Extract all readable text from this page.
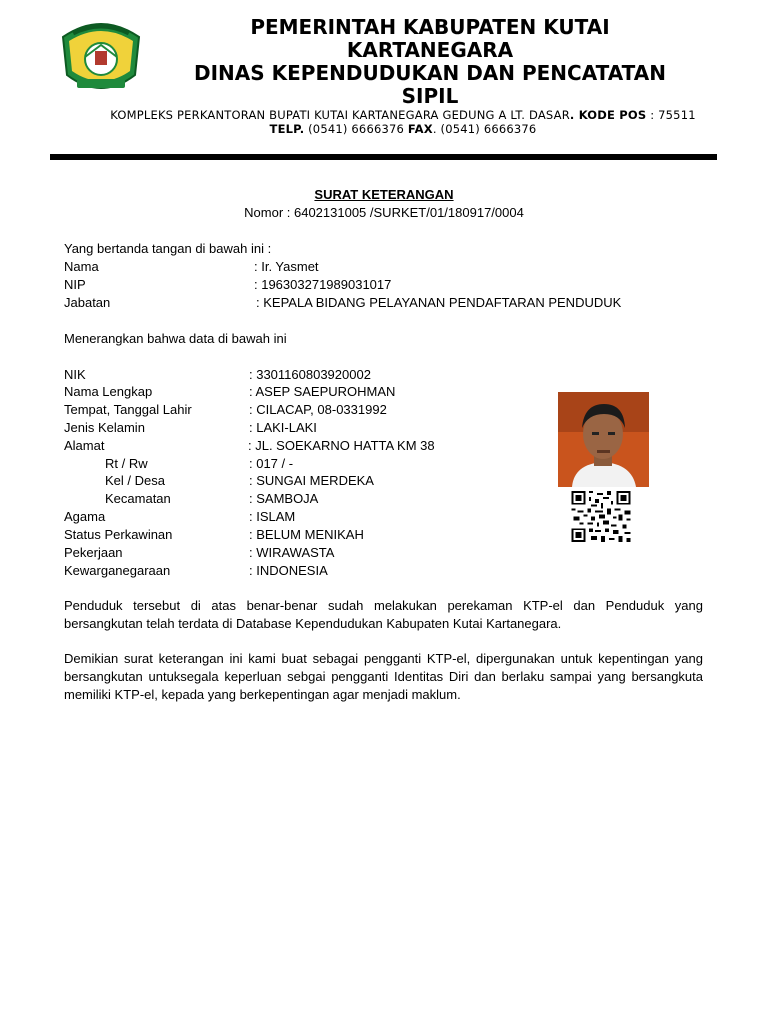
PEMERINTAH KABUPATEN KUTAI KARTANEGARA
DINAS KEPENDUDUKAN DAN PENCATATAN SIPIL
KOMPLEKS PERKANTORAN BUPATI KUTAI KARTANEGARA GEDUNG A LT. DASAR. KODE POS : 75511
TELP. (0541) 6666376 FAX. (0541) 6666376
SURAT KETERANGAN
Nomor : 6402131005 /SURKET/01/180917/0004
Yang bertanda tangan di bawah ini :
Nama	: Ir. Yasmet
NIP	: 196303271989031017
Jabatan	: KEPALA BIDANG PELAYANAN PENDAFTARAN PENDUDUK
Menerangkan bahwa data di bawah ini
NIK	: 3301160803920002
Nama Lengkap	: ASEP SAEPUROHMAN
Tempat, Tanggal Lahir	: CILACAP, 08-0331992
Jenis Kelamin	: LAKI-LAKI
Alamat	: JL. SOEKARNO HATTA KM 38
Rt / Rw	: 017 / -
Kel / Desa	: SUNGAI MERDEKA
Kecamatan	: SAMBOJA
Agama	: ISLAM
Status Perkawinan	: BELUM MENIKAH
Pekerjaan	: WIRAWASTA
Kewarganegaraan	: INDONESIA
Penduduk tersebut di atas benar-benar sudah melakukan perekaman KTP-el dan Penduduk yang bersangkutan telah terdata di Database Kependudukan Kabupaten Kutai Kartanegara.
Demikian surat keterangan ini kami buat sebagai pengganti KTP-el, dipergunakan untuk kepentingan yang bersangkutan untuksegala keperluan sebgai pengganti Identitas Diri dan berlaku sampai yang bersangkuta memiliki KTP-el, kepada yang berkepentingan agar menjadi maklum.
